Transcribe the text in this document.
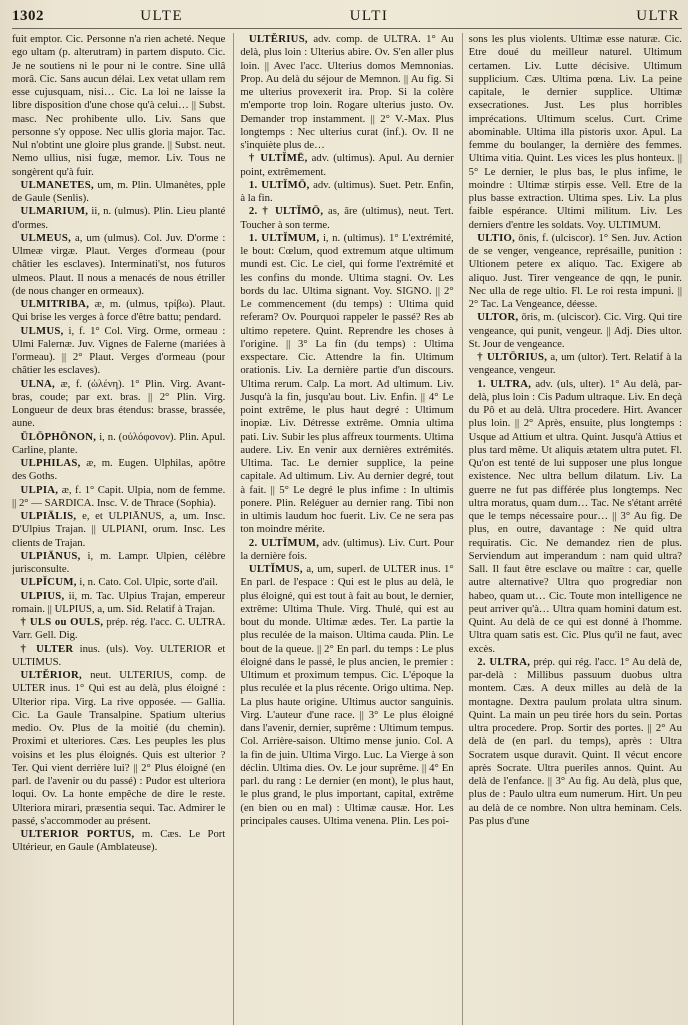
1302	ULTE	ULTI	ULTR

fuit emptor. Cic. Personne n'a rien acheté. Neque ego ultam (p. alterutram) in partem disputo. Cic. Je ne soutiens ni le pour ni le contre. Sine ullâ morâ. Cic. Sans aucun délai. Lex vetat ullam rem esse cujusquam, nisi… Cic. La loi ne laisse la libre disposition d'une chose qu'à celui… || Subst. masc. Nec prohibente ullo. Liv. Sans que personne s'y oppose. Nec ullis gloria major. Tac. Nul n'obtint une gloire plus grande. || Subst. neut. Nemo ullius, nisi fugæ, memor. Liv. Tous ne songèrent qu'à fuir.

ULMANETES, um, m. Plin. Ulmanètes, pple de Gaule (Senlis).

ULMARIUM, ii, n. (ulmus). Plin. Lieu planté d'ormes.

ULMEUS, a, um (ulmus). Col. Juv. D'orme : Ulmeæ virgæ. Plaut. Verges d'ormeau (pour châtier les esclaves). Interminati'st, nos futuros ulmeos. Plaut. Il nous a menacés de nous étriller (de nous changer en ormeaux).

ULMITRIBA, æ, m. (ulmus, τρίβω). Plaut. Qui brise les verges à force d'être battu; pendard.

ULMUS, i, f. 1° Col. Virg. Orme, ormeau : Ulmi Falernæ. Juv. Vignes de Falerne (mariées à l'ormeau). || 2° Plaut. Verges d'ormeau (pour châtier les esclaves).

ULNA, æ, f. (ὠλένη). 1° Plin. Virg. Avant-bras, coude; par ext. bras. || 2° Plin. Virg. Longueur de deux bras étendus: brasse, brassée, aune.

ŪLŌPHŌNON, i, n. (οὐλόφονον). Plin. Apul. Carline, plante.

ULPHILAS, æ, m. Eugen. Ulphilas, apôtre des Goths.

ULPIA, æ, f. 1° Capit. Ulpia, nom de femme. || 2° — SARDICA. Insc. V. de Thrace (Sophia).

ULPIĀLIS, e, et ULPIĀNUS, a, um. Insc. D'Ulpius Trajan. || ULPIANI, orum. Insc. Les clients de Trajan.

ULPIĀNUS, i, m. Lampr. Ulpien, célèbre jurisconsulte.

ULPĬCUM, i, n. Cato. Col. Ulpic, sorte d'ail.

ULPIUS, ii, m. Tac. Ulpius Trajan, empereur romain. || ULPIUS, a, um. Sid. Relatif à Trajan.

† ULS ou OULS, prép. rég. l'acc. C. ULTRA. Varr. Gell. Dig.

† ULTER inus. (uls). Voy. ULTERIOR et ULTIMUS.

ULTĔRIOR, neut. ULTERIUS, comp. de ULTER inus. 1° Qui est au delà, plus éloigné : Ulterior ripa. Virg. La rive opposée. — Gallia. Cic. La Gaule Transalpine. Spatium ulterius medio. Ov. Plus de la moitié (du chemin). Proximi et ulteriores. Cæs. Les peuples les plus voisins et les plus éloignés. Quis est ulterior ? Ter. Qui vient derrière lui? || 2° Plus éloigné (en parl. de l'avenir ou du passé) : Pudor est ulteriora loqui. Ov. La honte empêche de dire le reste. Ulteriora mirari, præsentia sequi. Tac. Admirer le passé, s'accommoder au présent.

ULTERIOR PORTUS, m. Cæs. Le Port Ultérieur, en Gaule (Amblateuse).

ULTĔRIUS, adv. comp. de ULTRA. 1° Au delà, plus loin : Ulterius abire. Ov. S'en aller plus loin. || Avec l'acc. Ulterius domos Memnonias. Prop. Au delà du séjour de Memnon. || Au fig. Si me ulterius provexerit ira. Prop. Si la colère m'emporte trop loin. Rogare ulterius justo. Ov. Demander trop instamment. || 2° V.-Max. Plus longtemps : Nec ulterius curat (inf.). Ov. Il ne s'inquiète plus de…

† ULTĬMĒ, adv. (ultimus). Apul. Au dernier point, extrêmement.

1. ULTĬMŌ, adv. (ultimus). Suet. Petr. Enfin, à la fin.

2. † ULTĬMŌ, as, āre (ultimus), neut. Tert. Toucher à son terme.

1. ULTĬMUM, i, n. (ultimus). 1° L'extrémité, le bout: Cœlum, quod extremum atque ultimum mundi est. Cic. Le ciel, qui forme l'extrémité et les confins du monde. Ultima stagni. Ov. Les bords du lac. Ultima signant. Voy. SIGNO. || 2° Le commencement (du temps) : Ultima quid referam? Ov. Pourquoi rappeler le passé? Res ab ultimo repetere. Quint. Reprendre les choses à l'origine. || 3° La fin (du temps) : Ultima exspectare. Cic. Attendre la fin. Ultimum orationis. Liv. La dernière partie d'un discours. Ultima rerum. Calp. La mort. Ad ultimum. Liv. Jusqu'à la fin, jusqu'au bout. Liv. Enfin. || 4° Le point extrême, le plus haut degré : Ultimum inopiæ. Liv. Détresse extrême. Omnia ultima pati. Liv. Subir les plus affreux tourments. Ultima audere. Liv. En venir aux dernières extrémités. Ultima. Tac. Le dernier supplice, la peine capitale. Ad ultimum. Liv. Au dernier degré, tout à fait. || 5° Le degré le plus infime : In ultimis ponere. Plin. Reléguer au dernier rang. Tibi non in ultimis laudum hoc fuerit. Liv. Ce ne sera pas ton moindre mérite.

2. ULTĬMUM, adv. (ultimus). Liv. Curt. Pour la dernière fois.

ULTĬMUS, a, um, superl. de ULTER inus. 1° En parl. de l'espace : Qui est le plus au delà, le plus éloigné, qui est tout à fait au bout, le dernier, extrême: Ultima Thule. Virg. Thulé, qui est au bout du monde. Ultimæ ædes. Ter. La partie la plus reculée de la maison. Ultima cauda. Plin. Le bout de la queue. || 2° En parl. du temps : Le plus éloigné dans le passé, le plus ancien, le premier : Ultimum et proximum tempus. Cic. L'époque la plus reculée et la plus récente. Origo ultima. Nep. La plus haute origine. Ultimus auctor sanguinis. Virg. L'auteur d'une race. || 3° Le plus éloigné dans l'avenir, dernier, suprême : Ultimum tempus. Col. Arrière-saison. Ultimo mense junio. Col. A la fin de juin. Ultima Virgo. Luc. La Vierge à son déclin. Ultima dies. Ov. Le jour suprême. || 4° En parl. du rang : Le dernier (en mont), le plus haut, le plus grand, le plus important, capital, extrême (en bien ou en mal) : Ultimæ causæ. Hor. Les principales causes. Ultima venena. Plin. Les poi-

sons les plus violents. Ultimæ esse naturæ. Cic. Etre doué du meilleur naturel. Ultimum certamen. Liv. Lutte décisive. Ultimum supplicium. Cæs. Ultima pœna. Liv. La peine capitale, le dernier supplice. Ultimæ exsecrationes. Just. Les plus horribles imprécations. Ultimum scelus. Curt. Crime abominable. Ultima illa pistoris uxor. Apul. La femme du boulanger, la dernière des femmes. Ultima vitia. Quint. Les vices les plus honteux. || 5° Le dernier, le plus bas, le plus infime, le moindre : Ultimæ stirpis esse. Vell. Etre de la plus basse extraction. Ultima spes. Liv. La plus faible espérance. Ultimi militum. Liv. Les derniers d'entre les soldats. Voy. ULTIMUM.

ULTIO, ōnis, f. (ulciscor). 1° Sen. Juv. Action de se venger, vengeance, représaille, punition : Ultionem petere ex aliquo. Tac. Exigere ab aliquo. Just. Tirer vengeance de qqn, le punir. Nec ulla de rege ultio. Fl. Le roi resta impuni. || 2° Tac. La Vengeance, déesse.

ULTOR, ōris, m. (ulciscor). Cic. Virg. Qui tire vengeance, qui punit, vengeur. || Adj. Dies ultor. St. Jour de vengeance.

† ULTŌRIUS, a, um (ultor). Tert. Relatif à la vengeance, vengeur.

1. ULTRA, adv. (uls, ulter). 1° Au delà, par-delà, plus loin : Cis Padum ultraque. Liv. En deçà du Pô et au delà. Ultra procedere. Hirt. Avancer plus loin. || 2° Après, ensuite, plus longtemps : Usque ad Attium et ultra. Quint. Jusqu'à Attius et plus tard même. Ut aliquis ætatem ultra putet. Fl. Qu'on est tenté de lui supposer une plus longue existence. Nec ultra bellum dilatum. Liv. La guerre ne fut pas différée plus longtemps. Nec ultra moratus, quam dum… Tac. Ne s'étant arrêté que le temps nécessaire pour… || 3° Au fig. De plus, en outre, davantage : Ne quid ultra requiratis. Cic. Ne demandez rien de plus. Serviendum aut imperandum : nam quid ultra? Sall. Il faut être esclave ou maître : car, quelle autre alternative? Ultra quo progrediar non habeo, quam ut… Cic. Toute mon intelligence ne peut arriver qu'à… Ultra quam homini datum est. Quint. Au delà de ce qui est donné à l'homme. Ultra quam satis est. Cic. Plus qu'il ne faut, avec excès.

2. ULTRA, prép. qui rég. l'acc. 1° Au delà de, par-delà : Millibus passuum duobus ultra montem. Cæs. A deux milles au delà de la montagne. Dextra paulum prolata ultra sinum. Quint. La main un peu tirée hors du sein. Portas ultra procedere. Prop. Sortir des portes. || 2° Au delà de (en parl. du temps), après : Ultra Socratem usque duravit. Quint. Il vécut encore après Socrate. Ultra pueriles annos. Quint. Au delà de l'enfance. || 3° Au fig. Au delà, plus que, plus de : Paulo ultra eum numerum. Hirt. Un peu au delà de ce nombre. Non ultra heminam. Cels. Pas plus d'une
